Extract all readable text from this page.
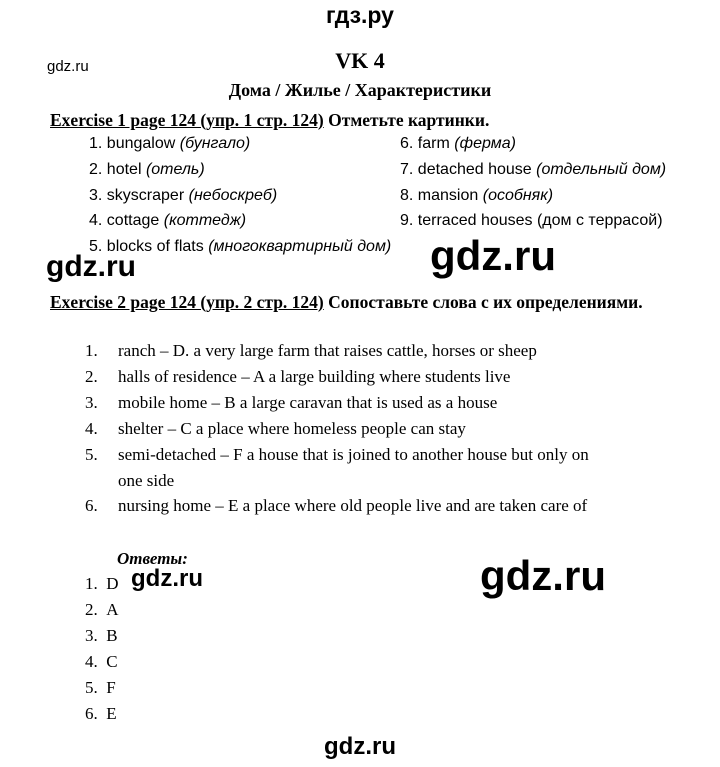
гдз.ру
gdz.ru	VK 4
Дома / Жилье / Характеристики
Exercise 1 page 124 (упр. 1 стр. 124) Отметьте картинки.
1. bungalow (бунгало)
2. hotel (отель)
3. skyscraper (небоскреб)
4. cottage (коттедж)
5. blocks of flats (многоквартирный дом)
6. farm (ферма)
7. detached house (отдельный дом)
8. mansion (особняк)
9. terraced houses (дом с террасой)
gdz.ru	gdz.ru
Exercise 2 page 124 (упр. 2 стр. 124) Сопоставьте слова с их определениями.
1. ranch – D. a very large farm that raises cattle, horses or sheep
2. halls of residence – A a large building where students live
3. mobile home – B a large caravan that is used as a house
4. shelter – C a place where homeless people can stay
5. semi-detached – F a house that is joined to another house but only on
one side
6. nursing home – E a place where old people live and are taken care of
Ответы:
1. D
2. A
3. B
4. C
5. F
6. E
gdz.ru	gdz.ru
gdz.ru
